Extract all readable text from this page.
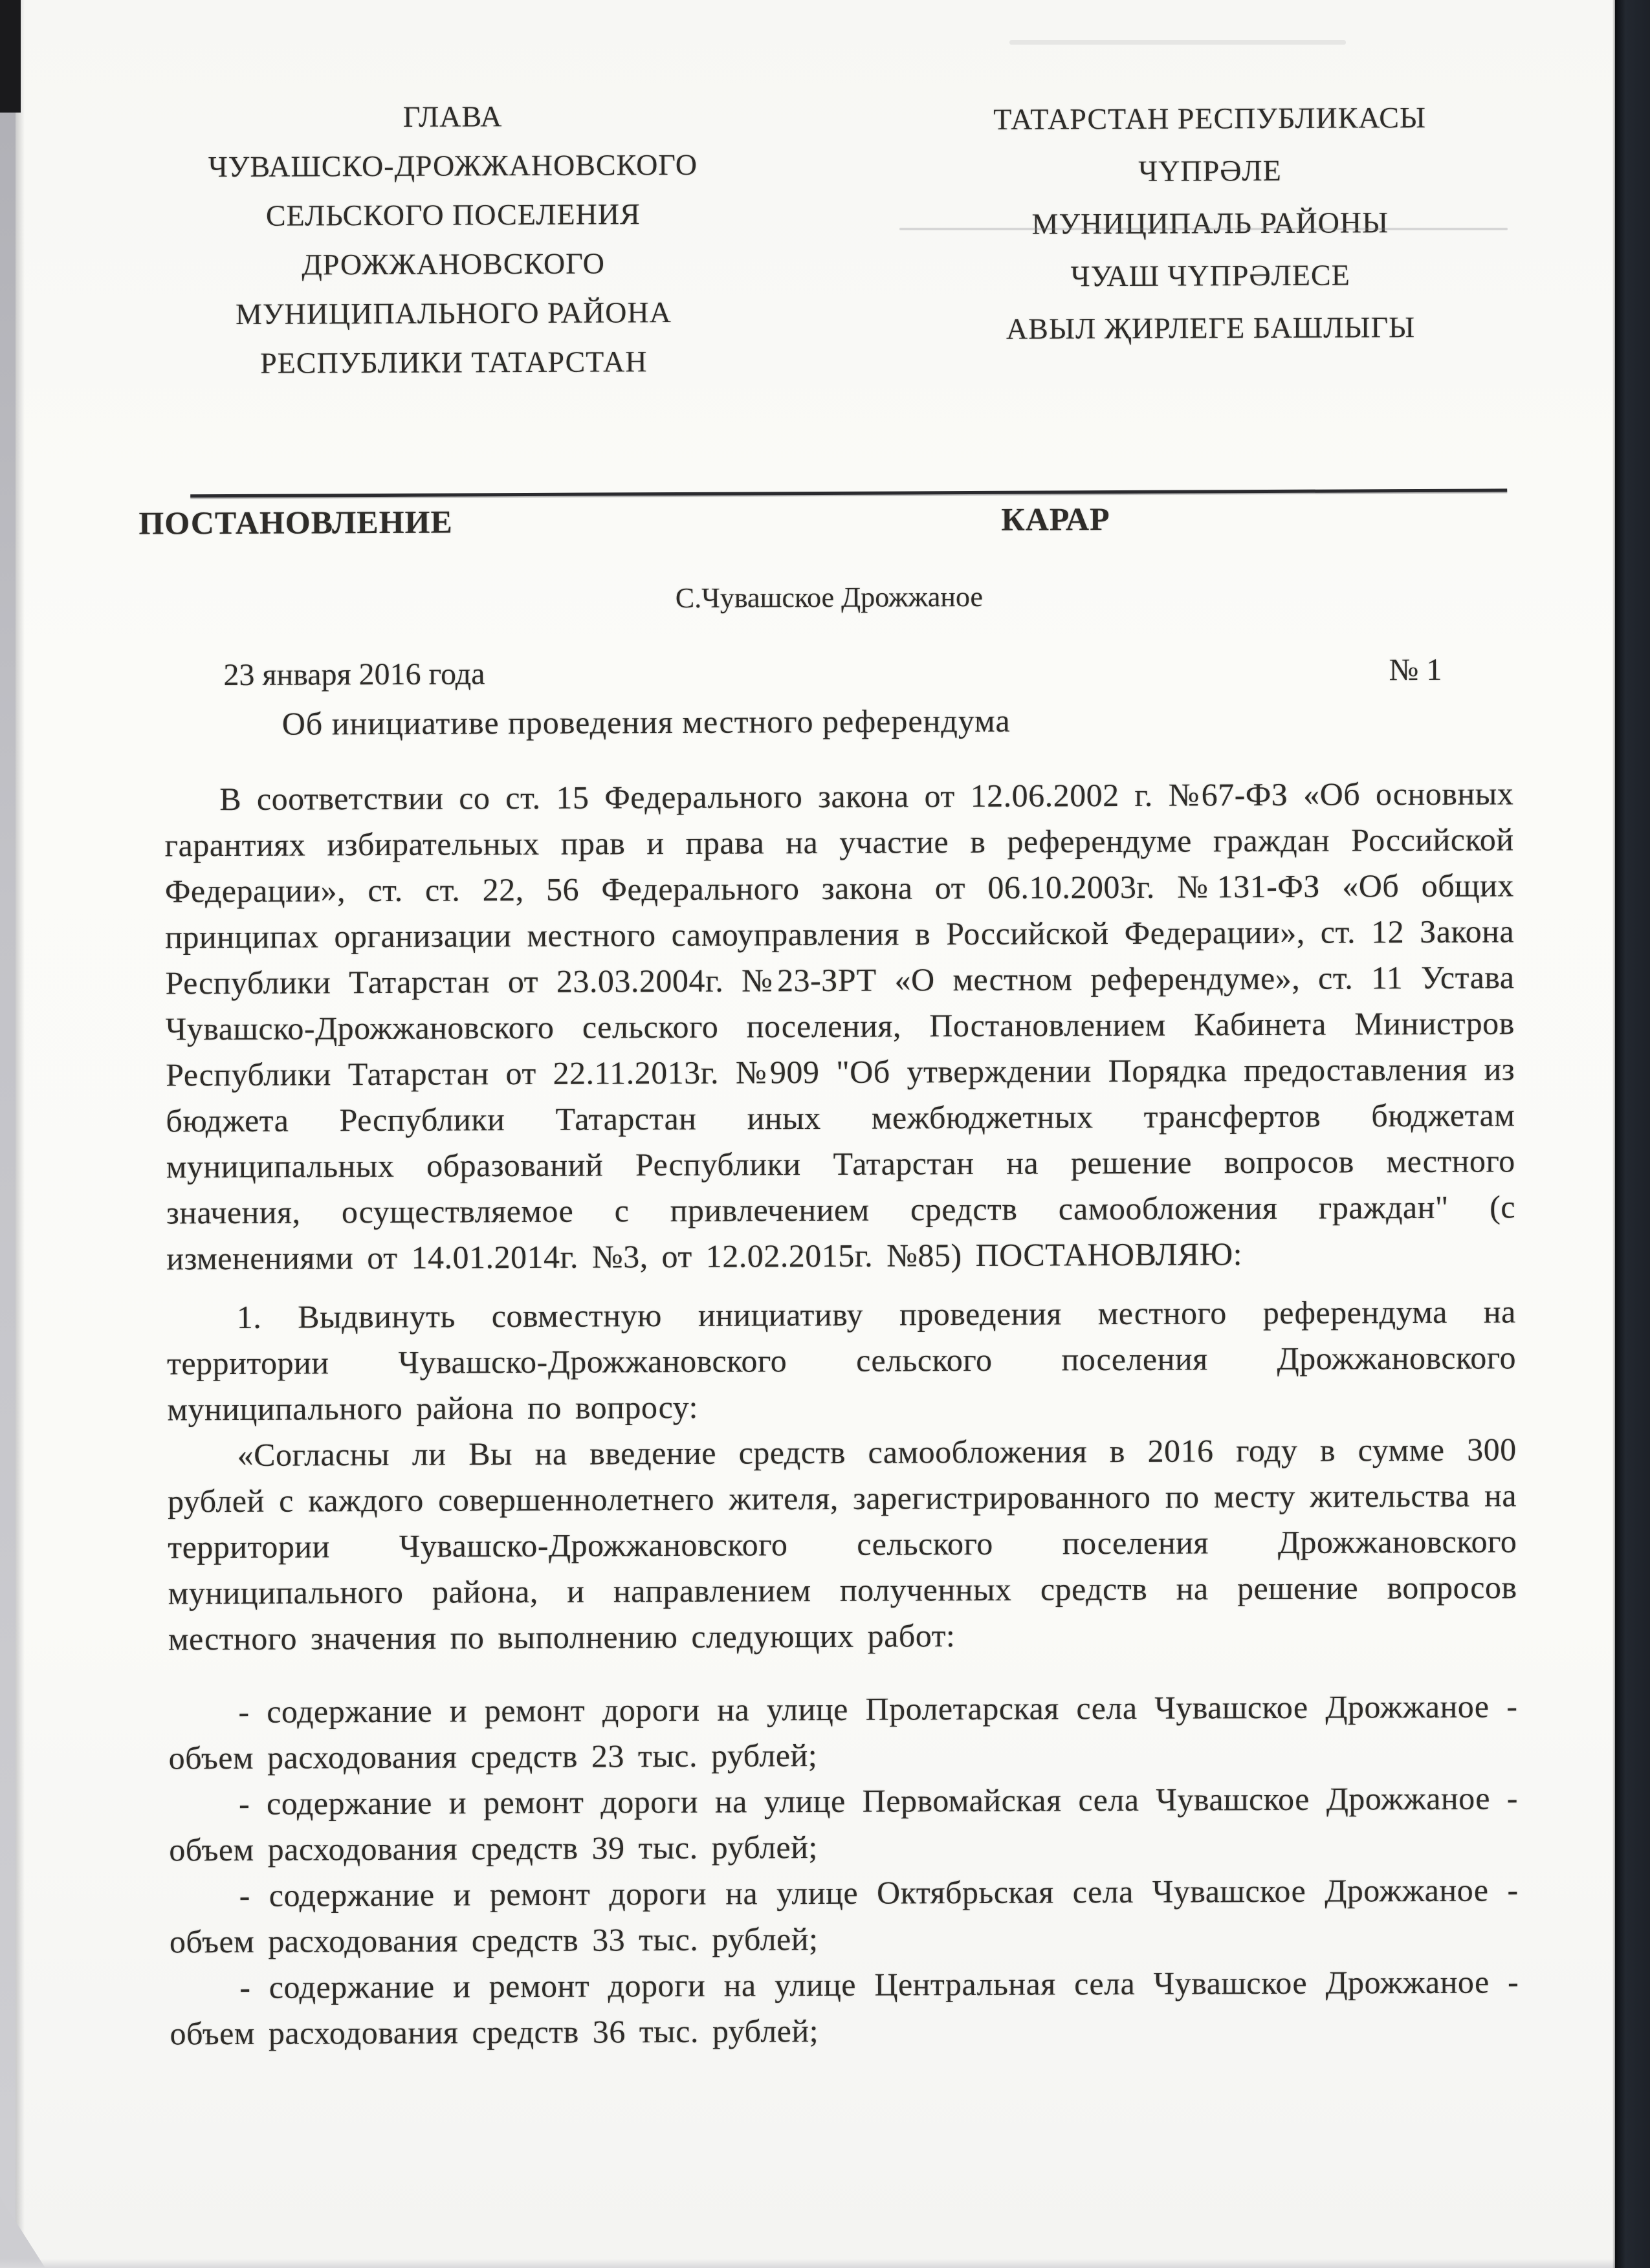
ГЛАВА
ЧУВАШСКО-ДРОЖЖАНОВСКОГО
СЕЛЬСКОГО ПОСЕЛЕНИЯ
ДРОЖЖАНОВСКОГО
МУНИЦИПАЛЬНОГО РАЙОНА
РЕСПУБЛИКИ ТАТАРСТАН
ТАТАРСТАН РЕСПУБЛИКАСЫ
ЧҮПРӘЛЕ
МУНИЦИПАЛЬ РАЙОНЫ
ЧУАШ ЧҮПРӘЛЕСЕ
АВЫЛ ҖИРЛЕГЕ БАШЛЫГЫ
ПОСТАНОВЛЕНИЕ	КАРАР
С.Чувашское Дрожжаное
23 января 2016 года	№ 1
Об инициативе проведения местного референдума

В соответствии со ст. 15 Федерального закона от 12.06.2002 г. №67-ФЗ «Об основных гарантиях избирательных прав и права на участие в референдуме граждан Российской Федерации», ст. ст. 22, 56 Федерального закона от 06.10.2003г. №131-ФЗ «Об общих принципах организации местного самоуправления в Российской Федерации», ст. 12 Закона Республики Татарстан от 23.03.2004г. №23-ЗРТ «О местном референдуме», ст. 11 Устава Чувашско-Дрожжановского сельского поселения, Постановлением Кабинета Министров Республики Татарстан от 22.11.2013г. №909 "Об утверждении Порядка предоставления из бюджета Республики Татарстан иных межбюджетных трансфертов бюджетам муниципальных образований Республики Татарстан на решение вопросов местного значения, осуществляемое с привлечением средств самообложения граждан" (с изменениями от 14.01.2014г. №3, от 12.02.2015г. №85) ПОСТАНОВЛЯЮ:

1. Выдвинуть совместную инициативу проведения местного референдума на территории Чувашско-Дрожжановского сельского поселения Дрожжановского муниципального района по вопросу:

«Согласны ли Вы на введение средств самообложения в 2016 году в сумме 300 рублей с каждого совершеннолетнего жителя, зарегистрированного по месту жительства на территории Чувашско-Дрожжановского сельского поселения Дрожжановского муниципального района, и направлением полученных средств на решение вопросов местного значения по выполнению следующих работ:

- содержание и ремонт дороги на улице Пролетарская села Чувашское Дрожжаное - объем расходования средств 23 тыс. рублей;

- содержание и ремонт дороги на улице Первомайская села Чувашское Дрожжаное - объем расходования средств 39 тыс. рублей;

- содержание и ремонт дороги на улице Октябрьская села Чувашское Дрожжаное - объем расходования средств 33 тыс. рублей;

- содержание и ремонт дороги на улице Центральная села Чувашское Дрожжаное - объем расходования средств 36 тыс. рублей;
